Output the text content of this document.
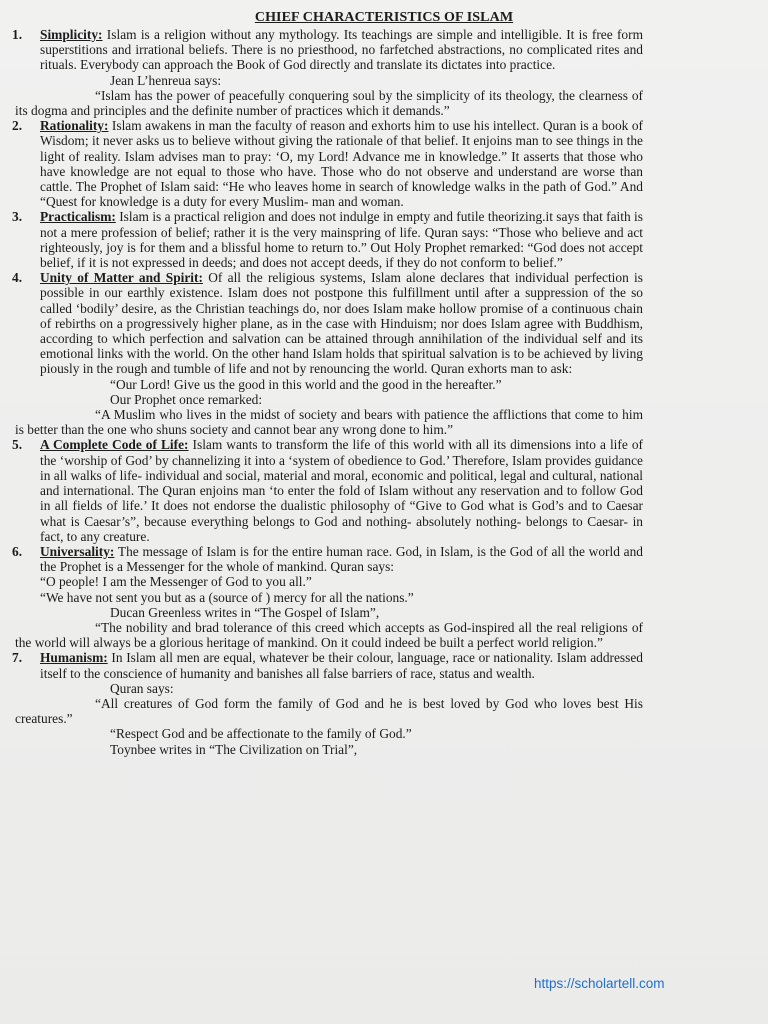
CHIEF CHARACTERISTICS OF ISLAM
1. Simplicity: Islam is a religion without any mythology. Its teachings are simple and intelligible. It is free form superstitions and irrational beliefs. There is no priesthood, no farfetched abstractions, no complicated rites and rituals. Everybody can approach the Book of God directly and translate its dictates into practice.
Jean L’henreua says:
“Islam has the power of peacefully conquering soul by the simplicity of its theology, the clearness of its dogma and principles and the definite number of practices which it demands.”
2. Rationality: Islam awakens in man the faculty of reason and exhorts him to use his intellect. Quran is a book of Wisdom; it never asks us to believe without giving the rationale of that belief. It enjoins man to see things in the light of reality. Islam advises man to pray: ‘O, my Lord! Advance me in knowledge.” It asserts that those who have knowledge are not equal to those who have. Those who do not observe and understand are worse than cattle. The Prophet of Islam said: “He who leaves home in search of knowledge walks in the path of God.” And “Quest for knowledge is a duty for every Muslim- man and woman.
3. Practicalism: Islam is a practical religion and does not indulge in empty and futile theorizing.it says that faith is not a mere profession of belief; rather it is the very mainspring of life. Quran says: “Those who believe and act righteously, joy is for them and a blissful home to return to.” Out Holy Prophet remarked: “God does not accept belief, if it is not expressed in deeds; and does not accept deeds, if they do not conform to belief.”
4. Unity of Matter and Spirit: Of all the religious systems, Islam alone declares that individual perfection is possible in our earthly existence. Islam does not postpone this fulfillment until after a suppression of the so called ‘bodily’ desire, as the Christian teachings do, nor does Islam make hollow promise of a continuous chain of rebirths on a progressively higher plane, as in the case with Hinduism; nor does Islam agree with Buddhism, according to which perfection and salvation can be attained through annihilation of the individual self and its emotional links with the world. On the other hand Islam holds that spiritual salvation is to be achieved by living piously in the rough and tumble of life and not by renouncing the world. Quran exhorts man to ask:
“Our Lord! Give us the good in this world and the good in the hereafter.”
Our Prophet once remarked:
“A Muslim who lives in the midst of society and bears with patience the afflictions that come to him is better than the one who shuns society and cannot bear any wrong done to him.”
5. A Complete Code of Life: Islam wants to transform the life of this world with all its dimensions into a life of the ‘worship of God’ by channelizing it into a ‘system of obedience to God.’ Therefore, Islam provides guidance in all walks of life- individual and social, material and moral, economic and political, legal and cultural, national and international. The Quran enjoins man ‘to enter the fold of Islam without any reservation and to follow God in all fields of life.’ It does not endorse the dualistic philosophy of “Give to God what is God’s and to Caesar what is Caesar’s”, because everything belongs to God and nothing- absolutely nothing- belongs to Caesar- in fact, to any creature.
6. Universality: The message of Islam is for the entire human race. God, in Islam, is the God of all the world and the Prophet is a Messenger for the whole of mankind. Quran says:
“O people! I am the Messenger of God to you all.”
“We have not sent you but as a (source of ) mercy for all the nations.”
Ducan Greenless writes in “The Gospel of Islam”,
“The nobility and brad tolerance of this creed which accepts as God-inspired all the real religions of the world will always be a glorious heritage of mankind. On it could indeed be built a perfect world religion.”
7. Humanism: In Islam all men are equal, whatever be their colour, language, race or nationality. Islam addressed itself to the conscience of humanity and banishes all false barriers of race, status and wealth.
Quran says:
“All creatures of God form the family of God and he is best loved by God who loves best His creatures.”
“Respect God and be affectionate to the family of God.”
Toynbee writes in “The Civilization on Trial”,
https://scholartell.com
